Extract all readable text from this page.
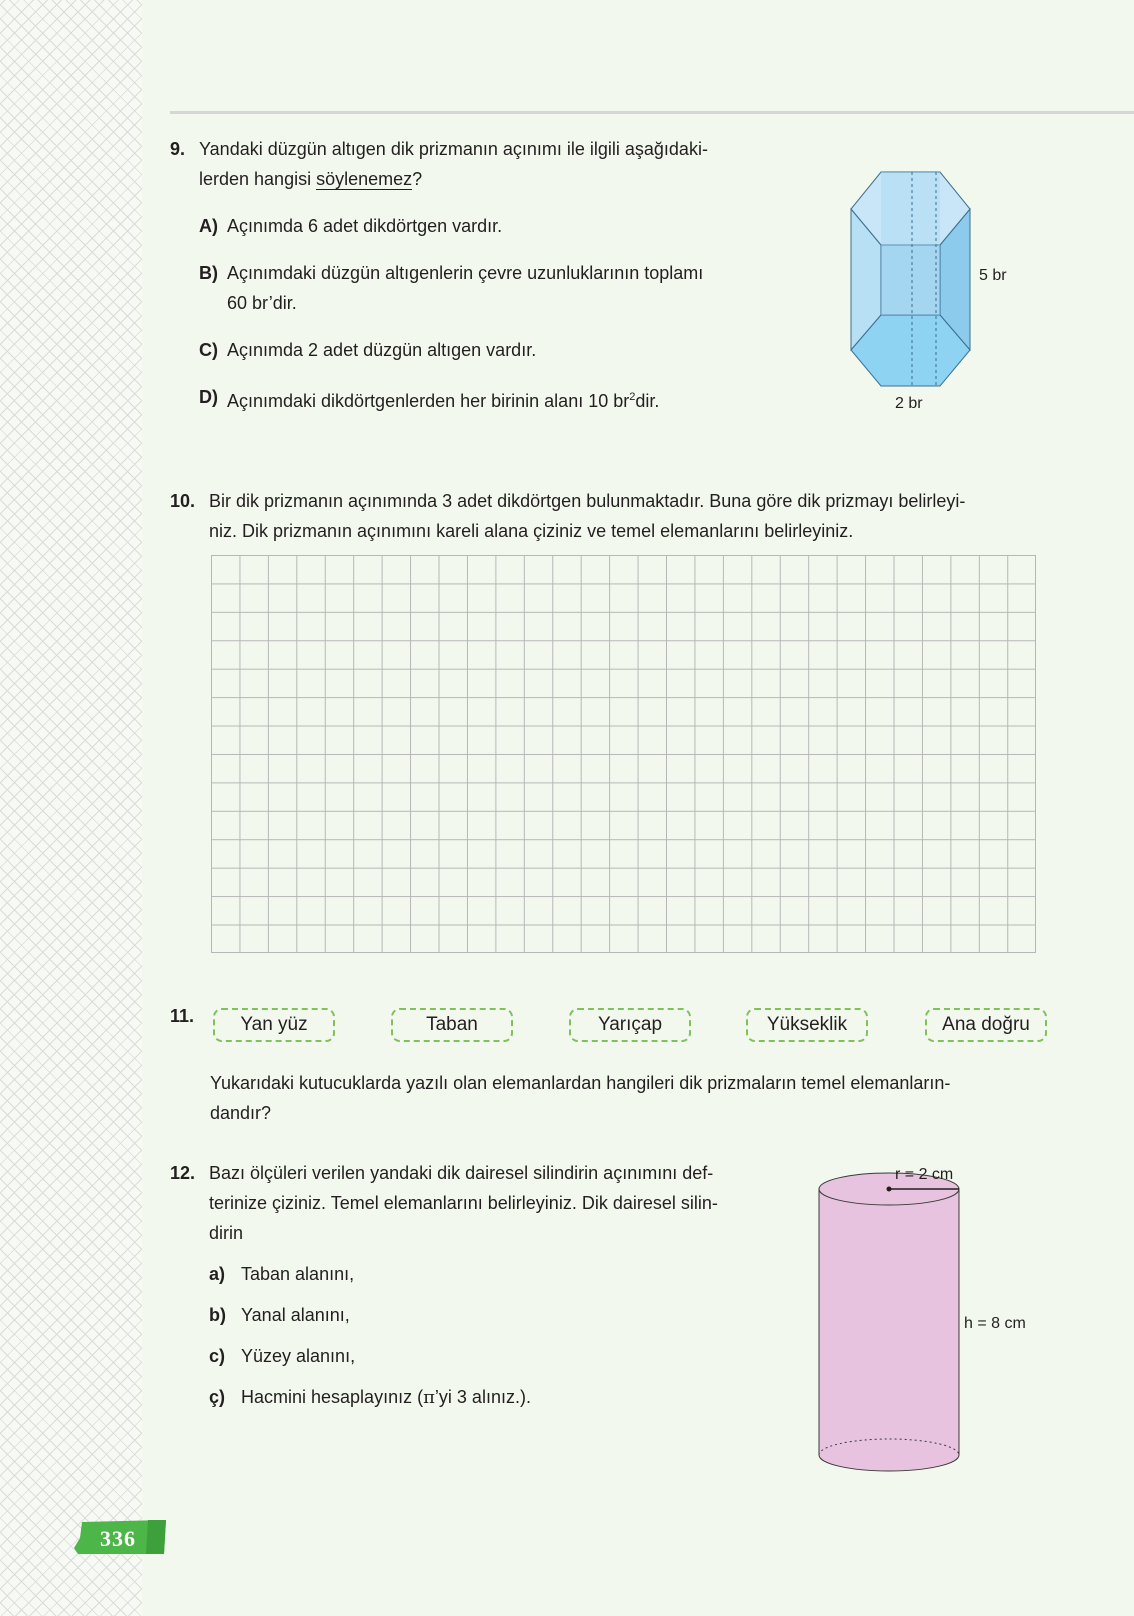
9. Yandaki düzgün altıgen dik prizmanın açınımı ile ilgili aşağıdaki-
lerden hangisi söylenemez?
A) Açınımda 6 adet dikdörtgen vardır.
B) Açınımdaki düzgün altıgenlerin çevre uzunluklarının toplamı
60 br’dir.
C) Açınımda 2 adet düzgün altıgen vardır.
D) Açınımdaki dikdörtgenlerden her birinin alanı 10 $br^2dir$.
5 br
2 br
10. Bir dik prizmanın açınımında 3 adet dikdörtgen bulunmaktadır. Buna göre dik prizmayı belirleyi-
niz. Dik prizmanın açınımını kareli alana çiziniz ve temel elemanlarını belirleyiniz.
11.	Yan yüz	Taban	Yarıçap	Yükseklik	Ana doğru
Yukarıdaki kutucuklarda yazılı olan elemanlardan hangileri dik prizmaların temel elemanların-
dandır?
12. Bazı ölçüleri verilen yandaki dik dairesel silindirin açınımını def-
terinize çiziniz. Temel elemanlarını belirleyiniz. Dik dairesel silin-
dirin
a) Taban alanını,
b) Yanal alanını,
c) Yüzey alanını,
ç) Hacmini hesaplayınız (π’yi 3 alınız.).
r = 2 cm
h = 8 cm
336
